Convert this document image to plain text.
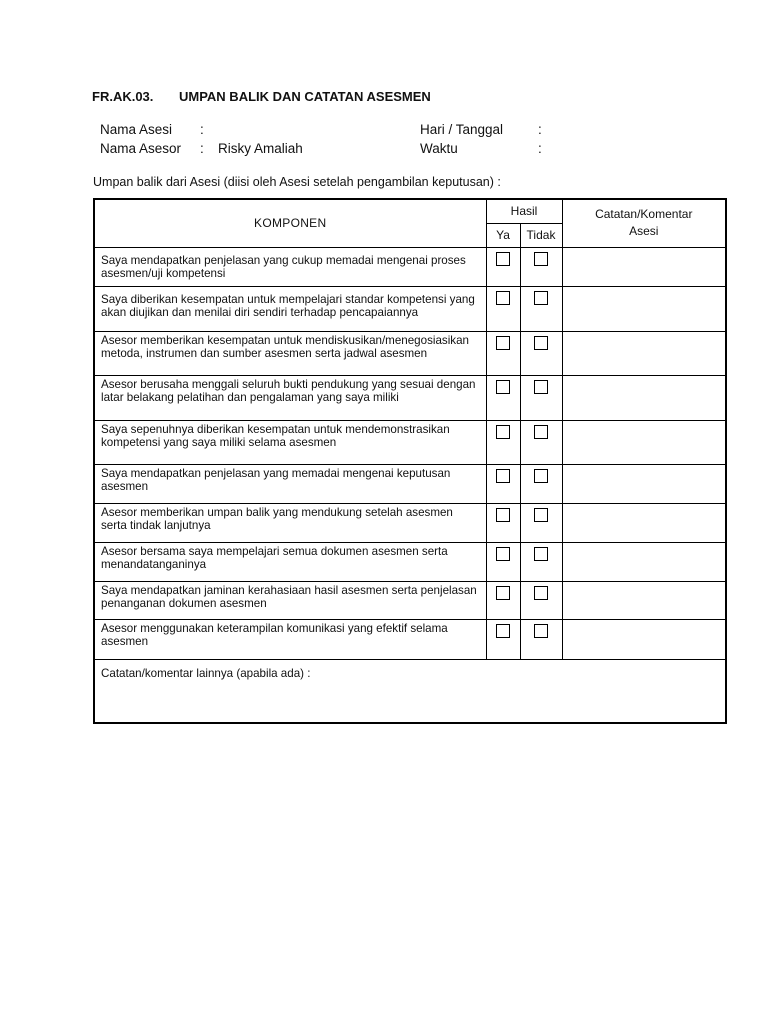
FR.AK.03. UMPAN BALIK DAN CATATAN ASESMEN
Nama Asesi :
Nama Asesor : Risky Amaliah
Hari / Tanggal	:
Waktu	:
Umpan balik dari Asesi (diisi oleh Asesi setelah pengambilan keputusan) :
KOMPONEN	Hasil		Catatan/Komentar
Asesi

	Ya	Tidak	
Saya mendapatkan penjelasan yang cukup memadai mengenai proses asesmen/uji kompetensi			
Saya diberikan kesempatan untuk mempelajari standar kompetensi yang akan diujikan dan menilai diri sendiri terhadap pencapaiannya			
Asesor memberikan kesempatan untuk mendiskusikan/menegosiasikan metoda, instrumen dan sumber asesmen serta jadwal asesmen			
Asesor berusaha menggali seluruh bukti pendukung yang sesuai dengan latar belakang pelatihan dan pengalaman yang saya miliki			
Saya sepenuhnya diberikan kesempatan untuk mendemonstrasikan kompetensi yang saya miliki selama asesmen			
Saya mendapatkan penjelasan yang memadai mengenai keputusan asesmen			
Asesor memberikan umpan balik yang mendukung setelah asesmen serta tindak lanjutnya			
Asesor bersama saya mempelajari semua dokumen asesmen serta menandatanganinya			
Saya mendapatkan jaminan kerahasiaan hasil asesmen serta penjelasan penanganan dokumen asesmen			
Asesor menggunakan keterampilan komunikasi yang efektif selama asesmen			
Catatan/komentar lainnya (apabila ada) :			
